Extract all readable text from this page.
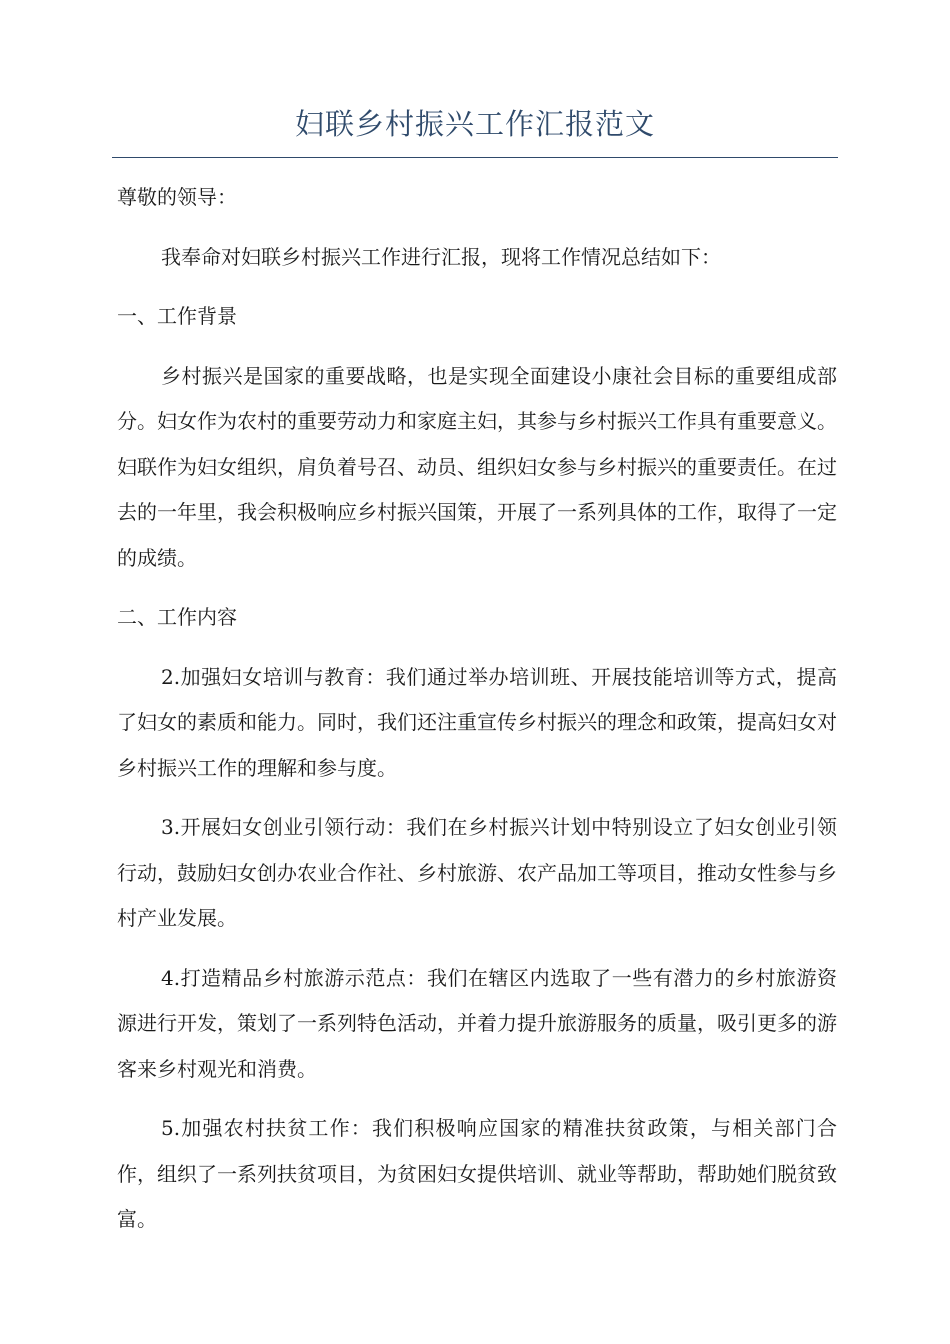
妇联乡村振兴工作汇报范文

尊敬的领导：

我奉命对妇联乡村振兴工作进行汇报，现将工作情况总结如下：

一、工作背景

乡村振兴是国家的重要战略，也是实现全面建设小康社会目标的重要组成部分。妇女作为农村的重要劳动力和家庭主妇，其参与乡村振兴工作具有重要意义。妇联作为妇女组织，肩负着号召、动员、组织妇女参与乡村振兴的重要责任。在过去的一年里，我会积极响应乡村振兴国策，开展了一系列具体的工作，取得了一定的成绩。

二、工作内容

2.加强妇女培训与教育：我们通过举办培训班、开展技能培训等方式，提高了妇女的素质和能力。同时，我们还注重宣传乡村振兴的理念和政策，提高妇女对乡村振兴工作的理解和参与度。

3.开展妇女创业引领行动：我们在乡村振兴计划中特别设立了妇女创业引领行动，鼓励妇女创办农业合作社、乡村旅游、农产品加工等项目，推动女性参与乡村产业发展。

4.打造精品乡村旅游示范点：我们在辖区内选取了一些有潜力的乡村旅游资源进行开发，策划了一系列特色活动，并着力提升旅游服务的质量，吸引更多的游客来乡村观光和消费。

5.加强农村扶贫工作：我们积极响应国家的精准扶贫政策，与相关部门合作，组织了一系列扶贫项目，为贫困妇女提供培训、就业等帮助，帮助她们脱贫致富。
